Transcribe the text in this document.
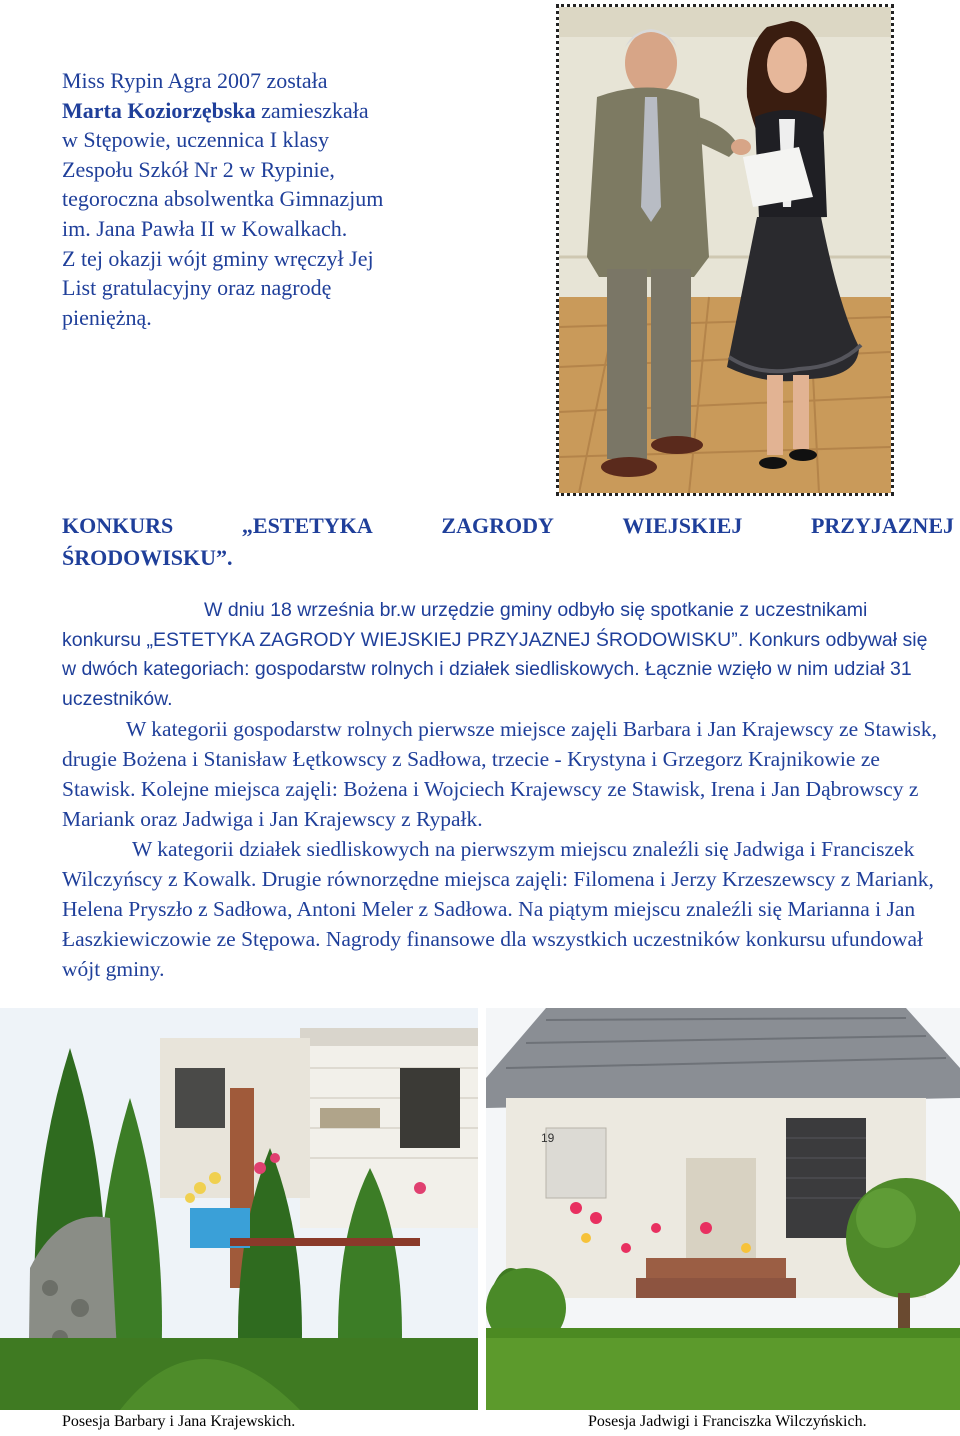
Miss Rypin Agra 2007 została

Marta Koziorzębska zamieszkała

w Stępowie, uczennica I klasy

Zespołu Szkół Nr 2 w Rypinie,

tegoroczna absolwentka Gimnazjum

im. Jana Pawła II w Kowalkach.

Z tej okazji wójt gminy wręczył Jej

List gratulacyjny oraz nagrodę

pieniężną.

KONKURS	„ESTETYKA	ZAGRODY	WIEJSKIEJ	PRZYJAZNEJ
ŚRODOWISKU”.

W dniu 18 września br.w urzędzie gminy odbyło się spotkanie z uczestnikami konkursu „ESTETYKA ZAGRODY WIEJSKIEJ PRZYJAZNEJ ŚRODOWISKU”. Konkurs odbywał się w dwóch kategoriach: gospodarstw rolnych i działek siedliskowych. Łącznie wzięło w nim udział 31 uczestników.

W kategorii gospodarstw rolnych pierwsze miejsce zajęli Barbara i Jan Krajewscy ze Stawisk, drugie Bożena i Stanisław Łętkowscy z Sadłowa, trzecie - Krystyna i Grzegorz Krajnikowie ze Stawisk. Kolejne miejsca zajęli: Bożena i Wojciech Krajewscy ze Stawisk, Irena i Jan Dąbrowscy z Mariank oraz Jadwiga i Jan Krajewscy z Rypałk.

W kategorii działek siedliskowych na pierwszym miejscu znaleźli się Jadwiga i Franciszek Wilczyńscy z Kowalk. Drugie równorzędne miejsca zajęli: Filomena i Jerzy Krzeszewscy z Mariank, Helena Pryszło z Sadłowa, Antoni Meler z Sadłowa. Na piątym miejscu znaleźli się Marianna i Jan Łaszkiewiczowie ze Stępowa. Nagrody finansowe dla wszystkich uczestników konkursu ufundował wójt gminy.

19
Posesja Barbary i Jana Krajewskich.	Posesja Jadwigi i Franciszka Wilczyńskich.
